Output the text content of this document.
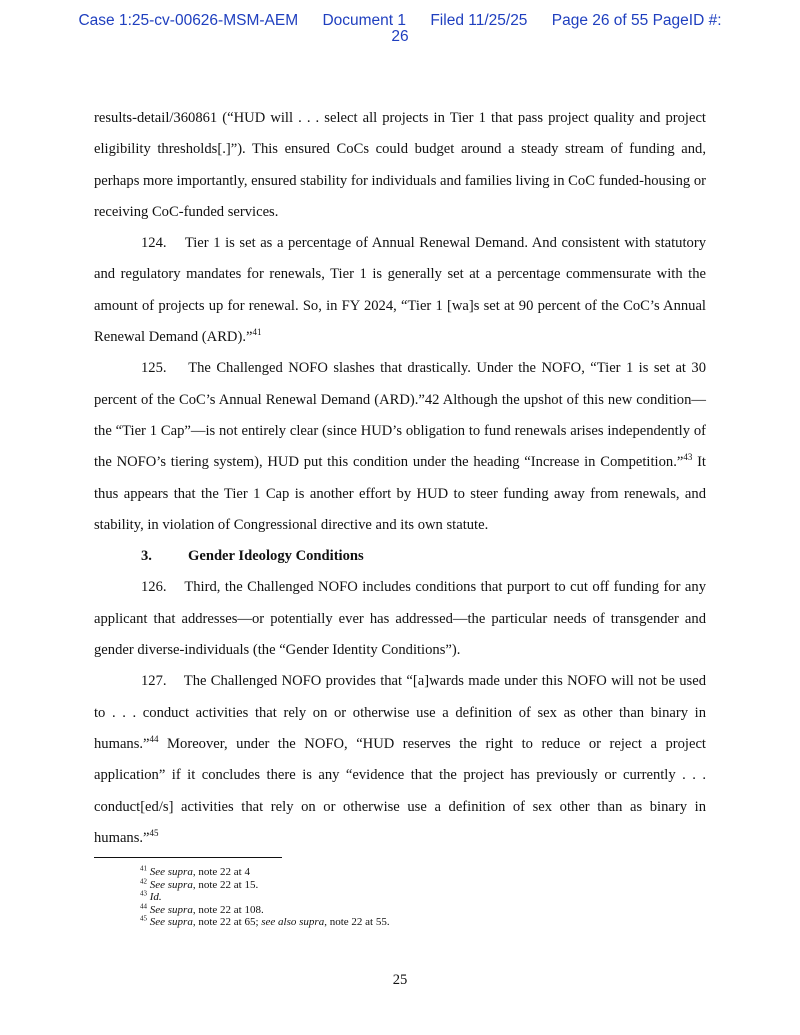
Case 1:25-cv-00626-MSM-AEM Document 1 Filed 11/25/25 Page 26 of 55 PageID #:
26

results-detail/360861 (“HUD will . . . select all projects in Tier 1 that pass project quality and project eligibility thresholds[.]”). This ensured CoCs could budget around a steady stream of funding and, perhaps more importantly, ensured stability for individuals and families living in CoC funded-housing or receiving CoC-funded services.

124.    Tier 1 is set as a percentage of Annual Renewal Demand. And consistent with statutory and regulatory mandates for renewals, Tier 1 is generally set at a percentage commensurate with the amount of projects up for renewal. So, in FY 2024, “Tier 1 [wa]s set at 90 percent of the CoC’s Annual Renewal Demand (ARD).”$^{41}$

125.    The Challenged NOFO slashes that drastically. Under the NOFO, “Tier 1 is set at 30 percent of the CoC’s Annual Renewal Demand (ARD).”42 Although the upshot of this new condition—the “Tier 1 Cap”—is not entirely clear (since HUD’s obligation to fund renewals arises independently of the NOFO’s tiering system), HUD put this condition under the heading “Increase in Competition.”$^{43}$ It thus appears that the Tier 1 Cap is another effort by HUD to steer funding away from renewals, and stability, in violation of Congressional directive and its own statute.

3. Gender Ideology Conditions

126.    Third, the Challenged NOFO includes conditions that purport to cut off funding for any applicant that addresses—or potentially ever has addressed—the particular needs of transgender and gender diverse-individuals (the “Gender Identity Conditions”).

127.    The Challenged NOFO provides that “[a]wards made under this NOFO will not be used to . . . conduct activities that rely on or otherwise use a definition of sex as other than binary in humans.”$^{44}$ Moreover, under the NOFO, “HUD reserves the right to reduce or reject a project application” if it concludes there is any “evidence that the project has previously or currently . . . conduct[ed/s] activities that rely on or otherwise use a definition of sex other than as binary in humans.”$^{45}$

$^{41}$ See supra, note 22 at 4
$^{42}$ See supra, note 22 at 15.
$^{43}$ Id.
$^{44}$ See supra, note 22 at 108.
$^{45}$ See supra, note 22 at 65; see also supra, note 22 at 55.
25
